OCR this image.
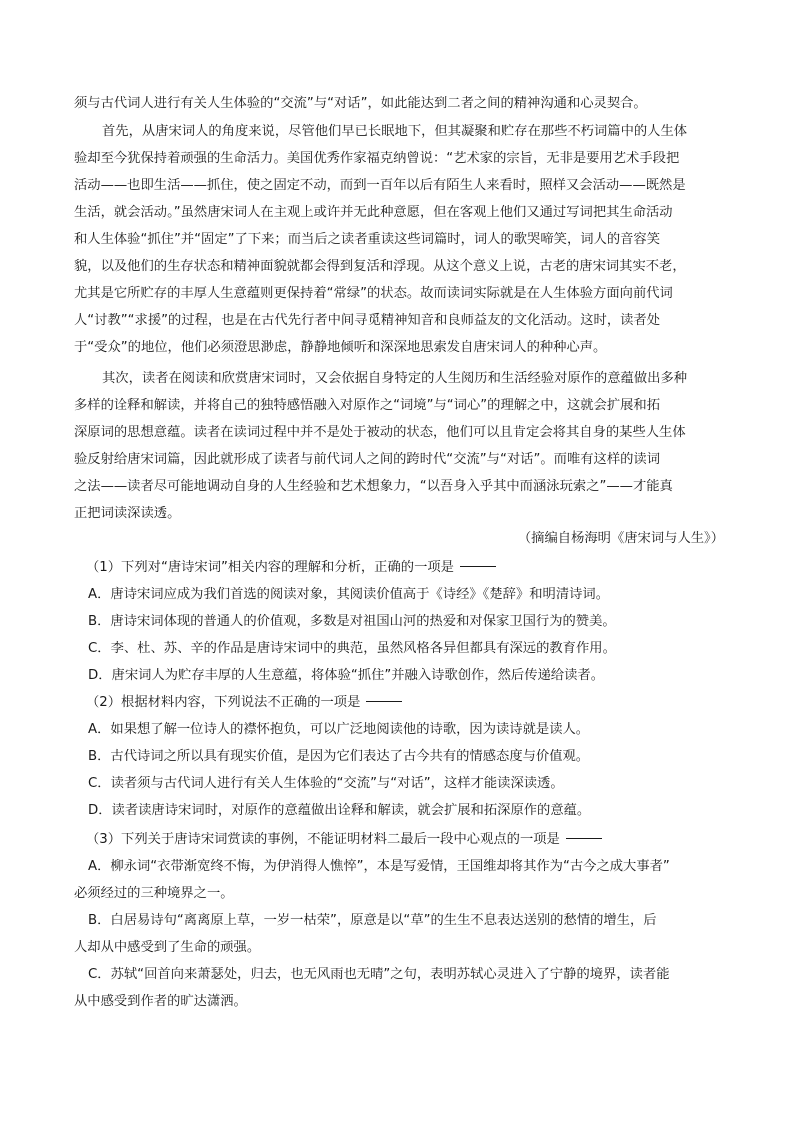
须与古代词人进行有关人生体验的“交流”与“对话”，如此能达到二者之间的精神沟通和心灵契合。
首先，从唐宋词人的角度来说，尽管他们早已长眠地下，但其凝聚和贮存在那些不朽词篇中的人生体
验却至今犹保持着顽强的生命活力。美国优秀作家福克纳曾说：“艺术家的宗旨，无非是要用艺术手段把
活动——也即生活——抓住，使之固定不动，而到一百年以后有陌生人来看时，照样又会活动——既然是
生活，就会活动。”虽然唐宋词人在主观上或许并无此种意愿，但在客观上他们又通过写词把其生命活动
和人生体验“抓住”并“固定”了下来；而当后之读者重读这些词篇时，词人的歌哭啼笑，词人的音容笑
貌，以及他们的生存状态和精神面貌就都会得到复活和浮现。从这个意义上说，古老的唐宋词其实不老，
尤其是它所贮存的丰厚人生意蕴则更保持着“常绿”的状态。故而读词实际就是在人生体验方面向前代词
人“讨教”“求援”的过程，也是在古代先行者中间寻觅精神知音和良师益友的文化活动。这时，读者处
于“受众”的地位，他们必须澄思渺虑，静静地倾听和深深地思索发自唐宋词人的种种心声。
其次，读者在阅读和欣赏唐宋词时，又会依据自身特定的人生阅历和生活经验对原作的意蕴做出多种
多样的诠释和解读，并将自己的独特感悟融入对原作之“词境”与“词心”的理解之中，这就会扩展和拓
深原词的思想意蕴。读者在读词过程中并不是处于被动的状态，他们可以且肯定会将其自身的某些人生体
验反射给唐宋词篇，因此就形成了读者与前代词人之间的跨时代“交流”与“对话”。而唯有这样的读词
之法——读者尽可能地调动自身的人生经验和艺术想象力，“以吾身入乎其中而涵泳玩索之”——才能真
正把词读深读透。
（摘编自杨海明《唐宋词与人生》）
（1）下列对“唐诗宋词”相关内容的理解和分析，正确的一项是
A．唐诗宋词应成为我们首选的阅读对象，其阅读价值高于《诗经》《楚辞》和明清诗词。
B．唐诗宋词体现的普通人的价值观，多数是对祖国山河的热爱和对保家卫国行为的赞美。
C．李、杜、苏、辛的作品是唐诗宋词中的典范，虽然风格各异但都具有深远的教育作用。
D．唐宋词人为贮存丰厚的人生意蕴，将体验“抓住”并融入诗歌创作，然后传递给读者。
（2）根据材料内容，下列说法不正确的一项是
A．如果想了解一位诗人的襟怀抱负，可以广泛地阅读他的诗歌，因为读诗就是读人。
B．古代诗词之所以具有现实价值，是因为它们表达了古今共有的情感态度与价值观。
C．读者须与古代词人进行有关人生体验的“交流”与“对话”，这样才能读深读透。
D．读者读唐诗宋词时，对原作的意蕴做出诠释和解读，就会扩展和拓深原作的意蕴。
（3）下列关于唐诗宋词赏读的事例，不能证明材料二最后一段中心观点的一项是
A．柳永词“衣带渐宽终不悔，为伊消得人憔悴”，本是写爱情，王国维却将其作为“古今之成大事者”
必须经过的三种境界之一。
B．白居易诗句“离离原上草，一岁一枯荣”，原意是以“草”的生生不息表达送别的愁情的增生，后
人却从中感受到了生命的顽强。
C．苏轼“回首向来萧瑟处，归去，也无风雨也无晴”之句，表明苏轼心灵进入了宁静的境界，读者能
从中感受到作者的旷达潇洒。
